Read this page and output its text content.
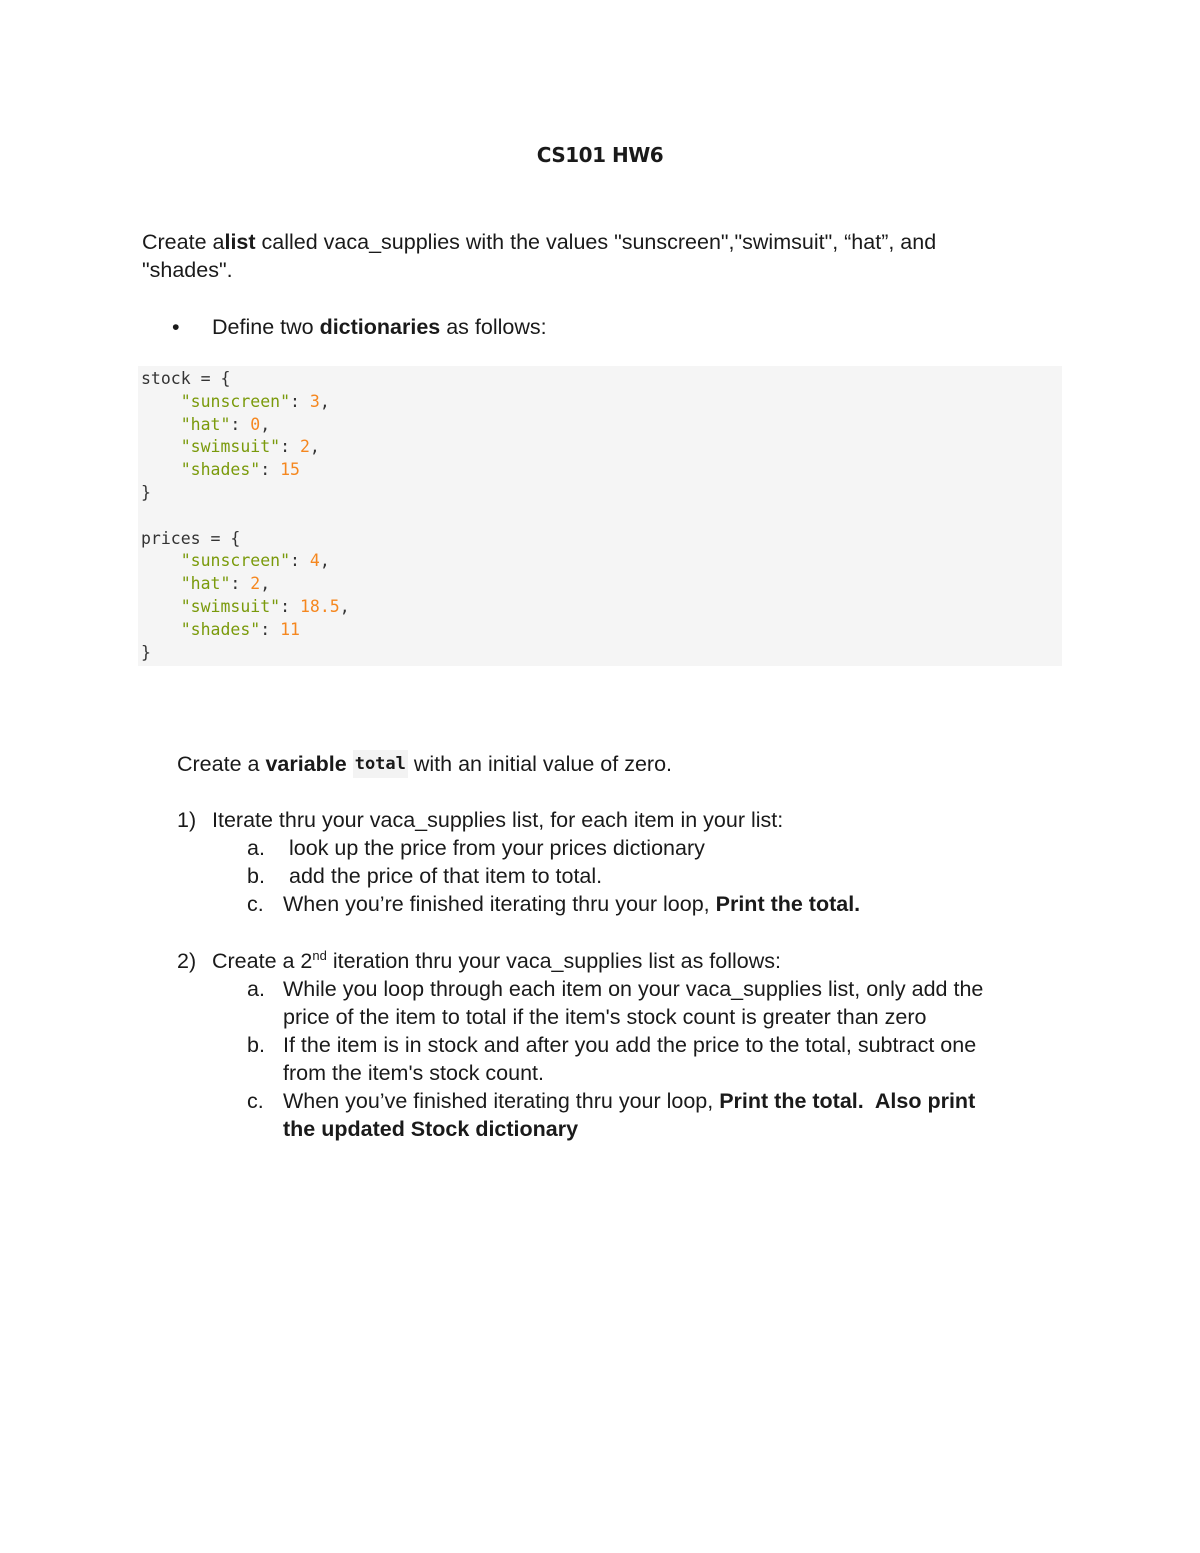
CS101 HW6
Create a list called vaca_supplies with the values "sunscreen","swimsuit", “hat”, and
"shades".
•	Define two dictionaries as follows:
stock = {
"sunscreen": 3,
"hat": 0,
"swimsuit": 2,
"shades": 15
}
prices = {
"sunscreen": 4,
"hat": 2,
"swimsuit": 18.5,
"shades": 11
}
Create a variable
total with an initial value of zero.
1) Iterate thru your vaca_supplies list, for each item in your list:
a.	look up the price from your prices dictionary
b.	add the price of that item to total.
c. When you’re finished iterating thru your loop, Print the total.
2) Create a 2nd iteration thru your vaca_supplies list as follows:
a. While you loop through each item on your vaca_supplies list, only add the
price of the item to total if the item's stock count is greater than zero
b. If the item is in stock and after you add the price to the total, subtract one
from the item's stock count.
c. When you’ve finished iterating thru your loop, Print the total.  Also print
the updated Stock dictionary
